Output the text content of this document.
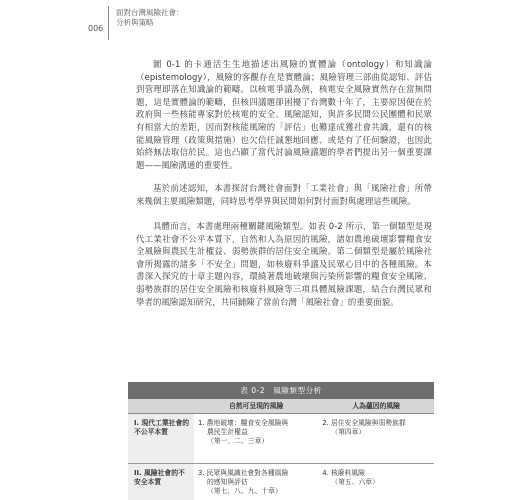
006
面對台灣風險社會：
分析與策略

圖 0-1 的卡通活生生地描述出風險的實體論（ontology）和知識論（epistemology），風險的客觀存在是實體論；風險管理三部曲從認知、評估到管理即落在知識論的範疇。以核電爭議為例，核電安全風險實然存在當無問題，這是實體論的範疇，但核四議題卻困擾了台灣數十年了，主要原因便在於政府與一些核能專家對於核電的安全、風險認知，與許多民間公民團體和民眾有相當大的差距，因而對核能風險的「評估」也難達成獲社會共識，還有的核能風險管理（政策與措施）也欠信任誠懇地回應、或是有了任何驗證，也因此始終無法取信於民。這也凸顯了當代討論風險議題的學者們提出另一個重要課題——風險溝通的重要性。

基於前述認知，本書探討台灣社會面對「工業社會」與「風險社會」所帶來幾個主要風險類題，同時思考學界與民間如何對付面對與處理這些風險。

具體而言，本書處理兩種關鍵風險類型。如表 0-2 所示，第一個類型是現代工業社會不公平本質下，自然和人為原因的風險，諸如農地破壞影響糧食安全風險與農民生計權益、弱勢族群的居住安全風險。第二個類型是屬於風險社會所揭露的諸多「不安全」問題，如核廢料爭議及民眾心目中的各種風險。本書深入探究的十章主題內容，環繞著農地破壞與污染所影響的糧食安全風險、弱勢族群的居住安全風險和核廢料風險等三項具體風險課題，結合台灣民眾和學者的風險認知研究，共同鋪陳了當前台灣「風險社會」的重要面貌。

表 0-2　風險類型分析
	自然可呈現的風險	人為蘊因的風險
I. 現代工業社會的不公平本質	1. 農地破壞：糧食安全風險與
農民生計權益
（第一、二、三章）	2. 居住安全風險與弱勢族群
（第四章）

II. 風險社會的不安全本質	3. 民眾與風識社會對各種風險
的感知與評估
（第七、八、九、十章）	4. 核廢料風險
（第五、六章）
